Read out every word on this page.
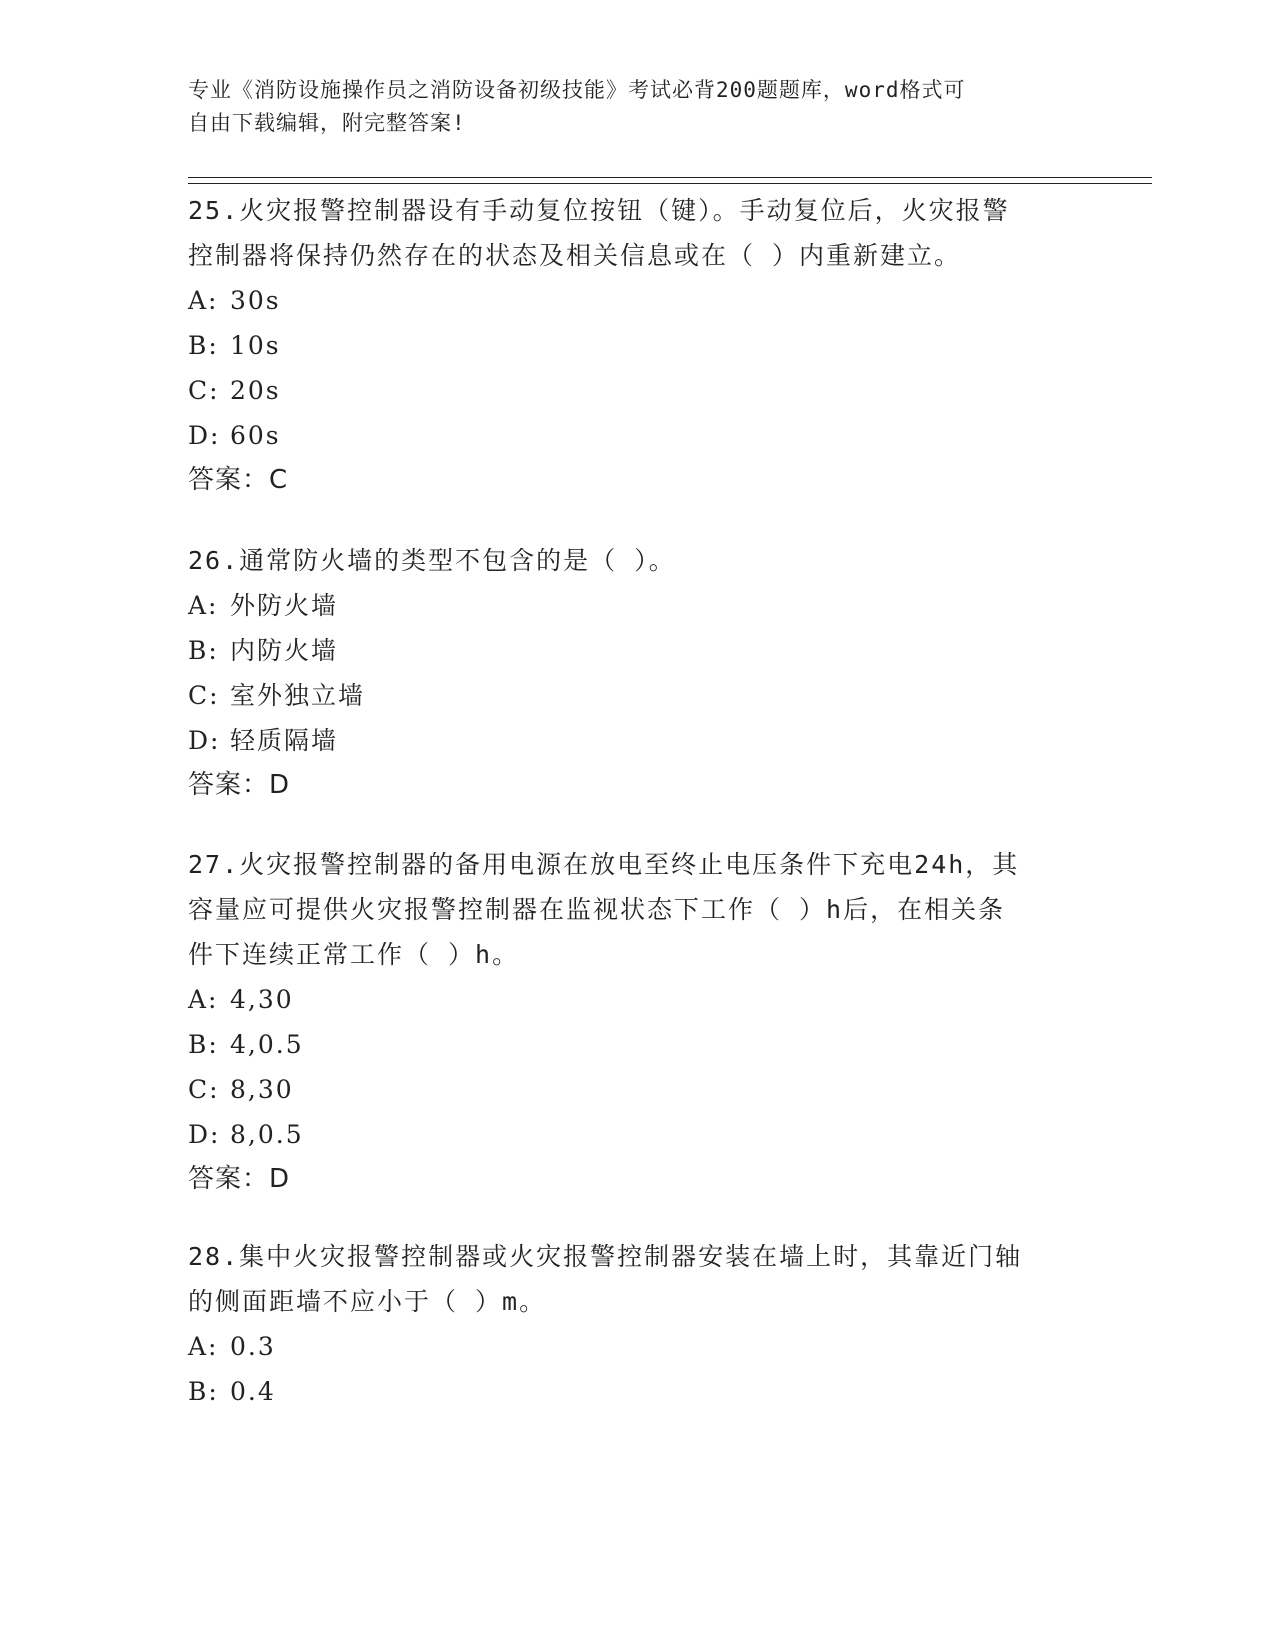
专业《消防设施操作员之消防设备初级技能》考试必背200题题库，word格式可
自由下载编辑，附完整答案!
25.火灾报警控制器设有手动复位按钮（键）。手动复位后，火灾报警
控制器将保持仍然存在的状态及相关信息或在（ ）内重新建立。
A: 30s
B: 10s
C: 20s
D: 60s
答案：C
26.通常防火墙的类型不包含的是（ ）。
A: 外防火墙
B: 内防火墙
C: 室外独立墙
D: 轻质隔墙
答案：D
27.火灾报警控制器的备用电源在放电至终止电压条件下充电24h，其
容量应可提供火灾报警控制器在监视状态下工作（ ）h后，在相关条
件下连续正常工作（ ）h。
A: 4,30
B: 4,0.5
C: 8,30
D: 8,0.5
答案：D
28.集中火灾报警控制器或火灾报警控制器安装在墙上时，其靠近门轴
的侧面距墙不应小于（ ）m。
A: 0.3
B: 0.4
